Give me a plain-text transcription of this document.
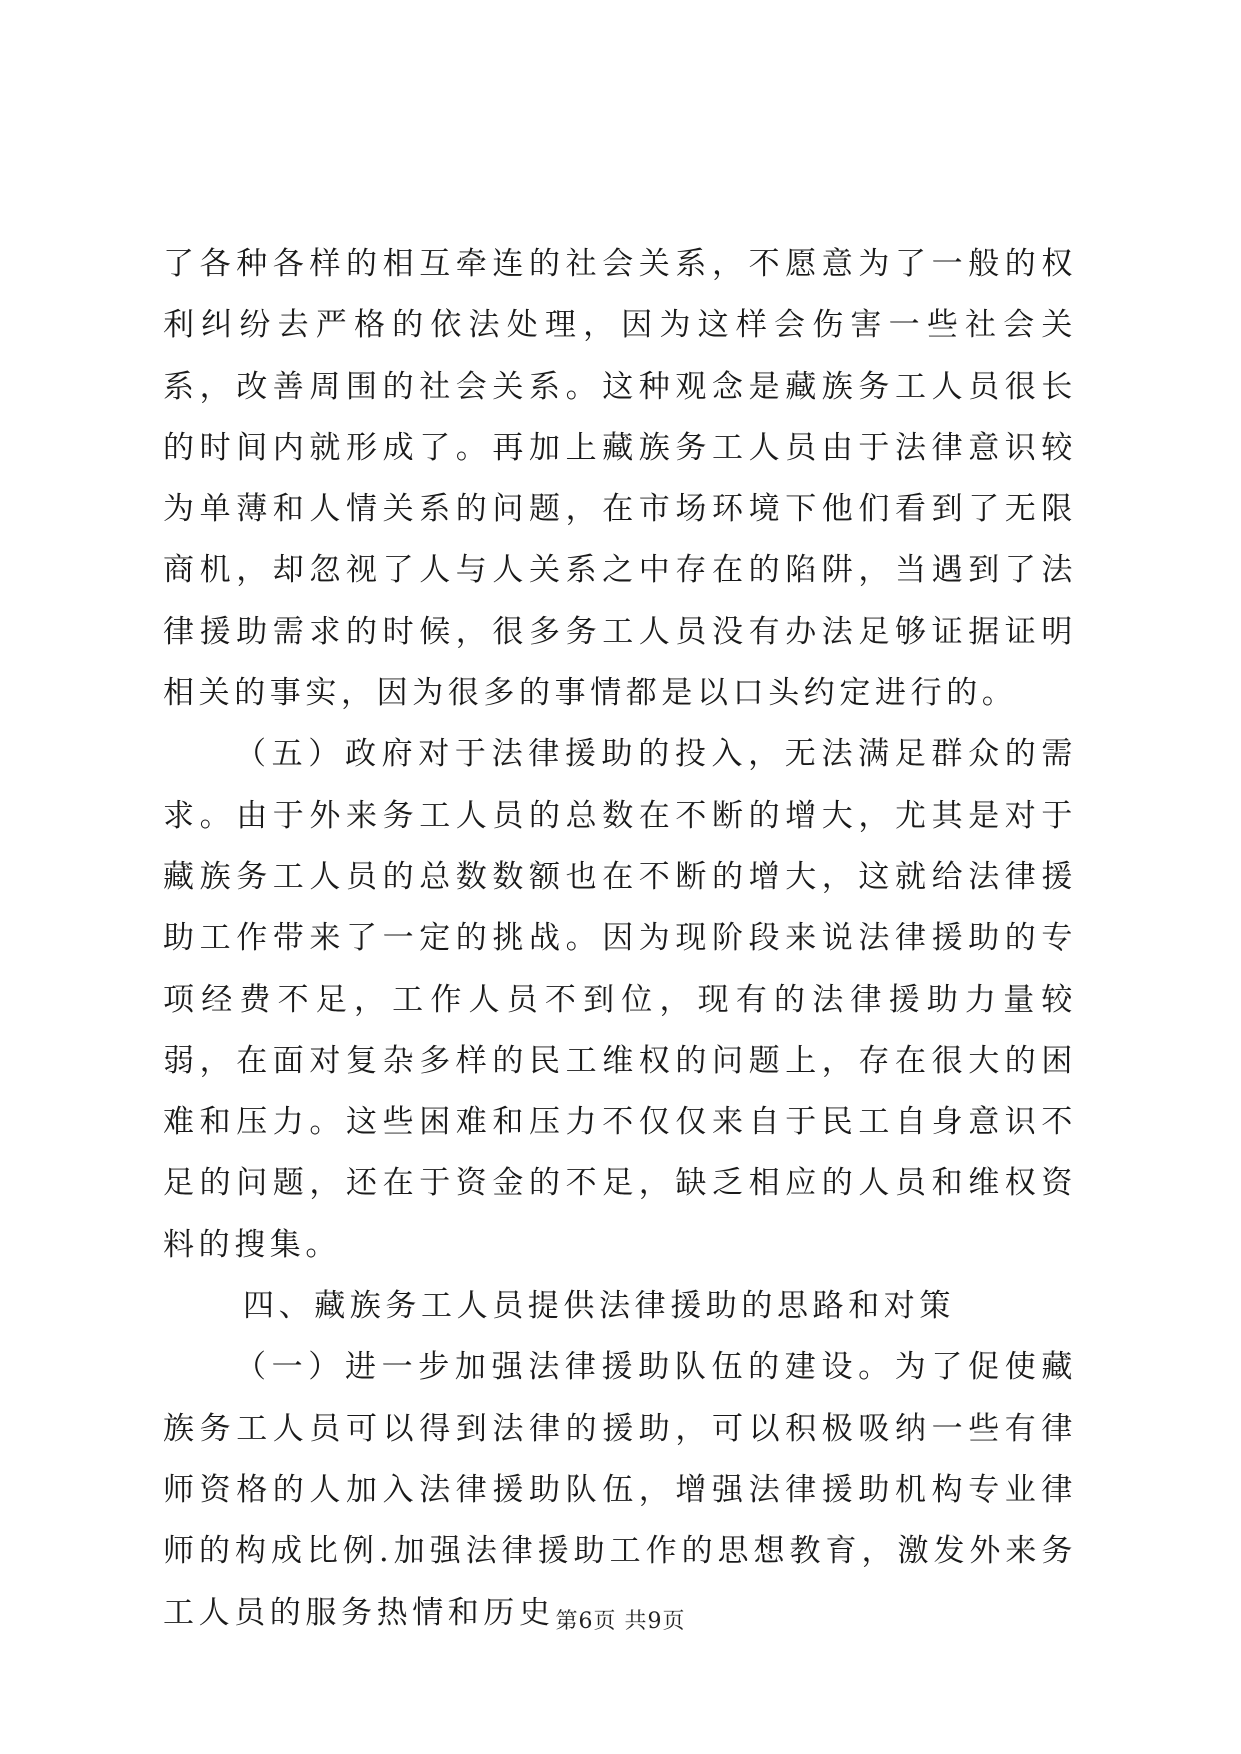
了各种各样的相互牵连的社会关系，不愿意为了一般的权利纠纷去严格的依法处理，因为这样会伤害一些社会关系，改善周围的社会关系。这种观念是藏族务工人员很长的时间内就形成了。再加上藏族务工人员由于法律意识较为单薄和人情关系的问题，在市场环境下他们看到了无限商机，却忽视了人与人关系之中存在的陷阱，当遇到了法律援助需求的时候，很多务工人员没有办法足够证据证明相关的事实，因为很多的事情都是以口头约定进行的。

（五）政府对于法律援助的投入，无法满足群众的需求。由于外来务工人员的总数在不断的增大，尤其是对于藏族务工人员的总数数额也在不断的增大，这就给法律援助工作带来了一定的挑战。因为现阶段来说法律援助的专项经费不足，工作人员不到位，现有的法律援助力量较弱，在面对复杂多样的民工维权的问题上，存在很大的困难和压力。这些困难和压力不仅仅来自于民工自身意识不足的问题，还在于资金的不足，缺乏相应的人员和维权资料的搜集。

四、藏族务工人员提供法律援助的思路和对策

（一）进一步加强法律援助队伍的建设。为了促使藏族务工人员可以得到法律的援助，可以积极吸纳一些有律师资格的人加入法律援助队伍，增强法律援助机构专业律师的构成比例.加强法律援助工作的思想教育，激发外来务工人员的服务热情和历史 第6页 共9页
